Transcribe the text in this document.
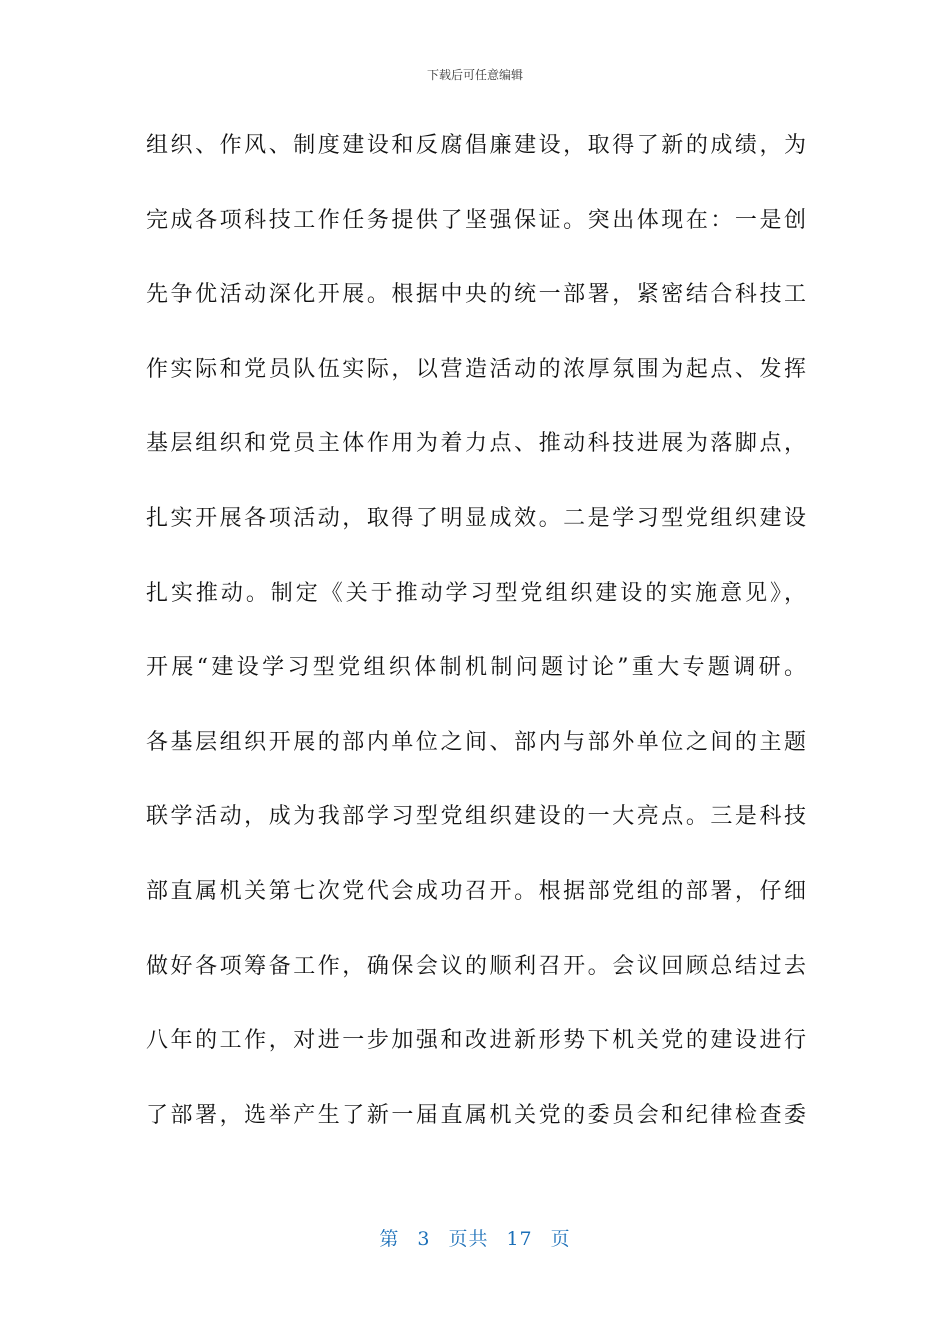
下载后可任意编辑
组织、作风、制度建设和反腐倡廉建设，取得了新的成绩，为
完成各项科技工作任务提供了坚强保证。突出体现在：一是创
先争优活动深化开展。根据中央的统一部署，紧密结合科技工
作实际和党员队伍实际，以营造活动的浓厚氛围为起点、发挥
基层组织和党员主体作用为着力点、推动科技进展为落脚点，
扎实开展各项活动，取得了明显成效。二是学习型党组织建设
扎实推动。制定《关于推动学习型党组织建设的实施意见》，
开展“建设学习型党组织体制机制问题讨论”重大专题调研。
各基层组织开展的部内单位之间、部内与部外单位之间的主题
联学活动，成为我部学习型党组织建设的一大亮点。三是科技
部直属机关第七次党代会成功召开。根据部党组的部署，仔细
做好各项筹备工作，确保会议的顺利召开。会议回顾总结过去
八年的工作，对进一步加强和改进新形势下机关党的建设进行
了部署，选举产生了新一届直属机关党的委员会和纪律检查委
第 3 页共 17 页
